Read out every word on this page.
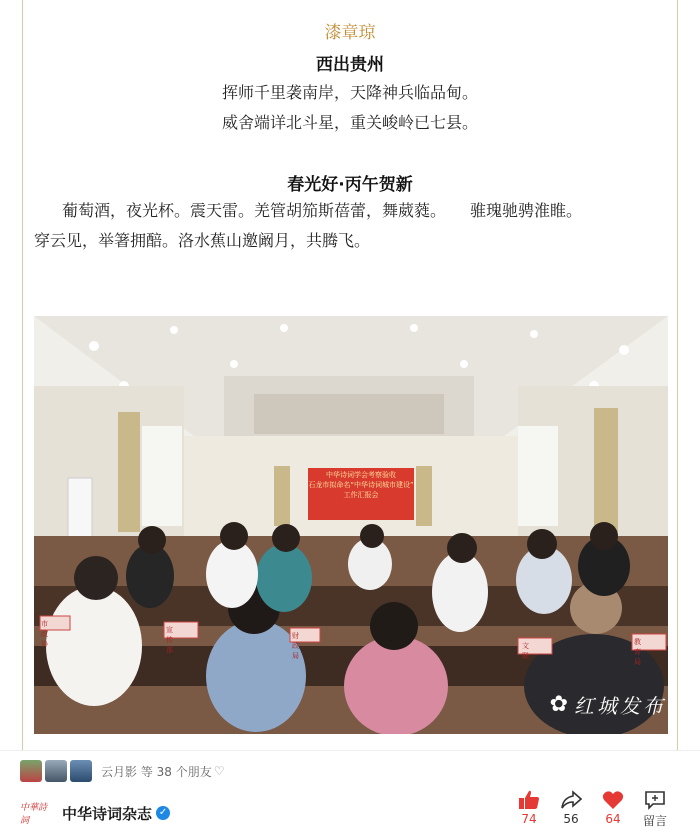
漆章琼
西出贵州
挥师千里袭南岸，天降神兵临品甸。
威舍端详北斗星，重关峻岭已七县。
春光好·丙午贺新
葡萄酒，夜光杯。震天雷。羌管胡笳斯蓓蕾，舞葳蕤。　　骓瑰驰骋淮睢。
穿云见，举箸拥醅。洛水蕉山邀阚月，共腾飞。
中华诗词学会考察验收
石龙市拟命名“中华诗词城市建设”
工作汇报会
市政协
宣传部
财政局
文联
教育局
✿ 红城发布
云月影 等 38 个朋友 ♡
中華詩詞	中华诗词杂志 ✓	74	56	64	留言
